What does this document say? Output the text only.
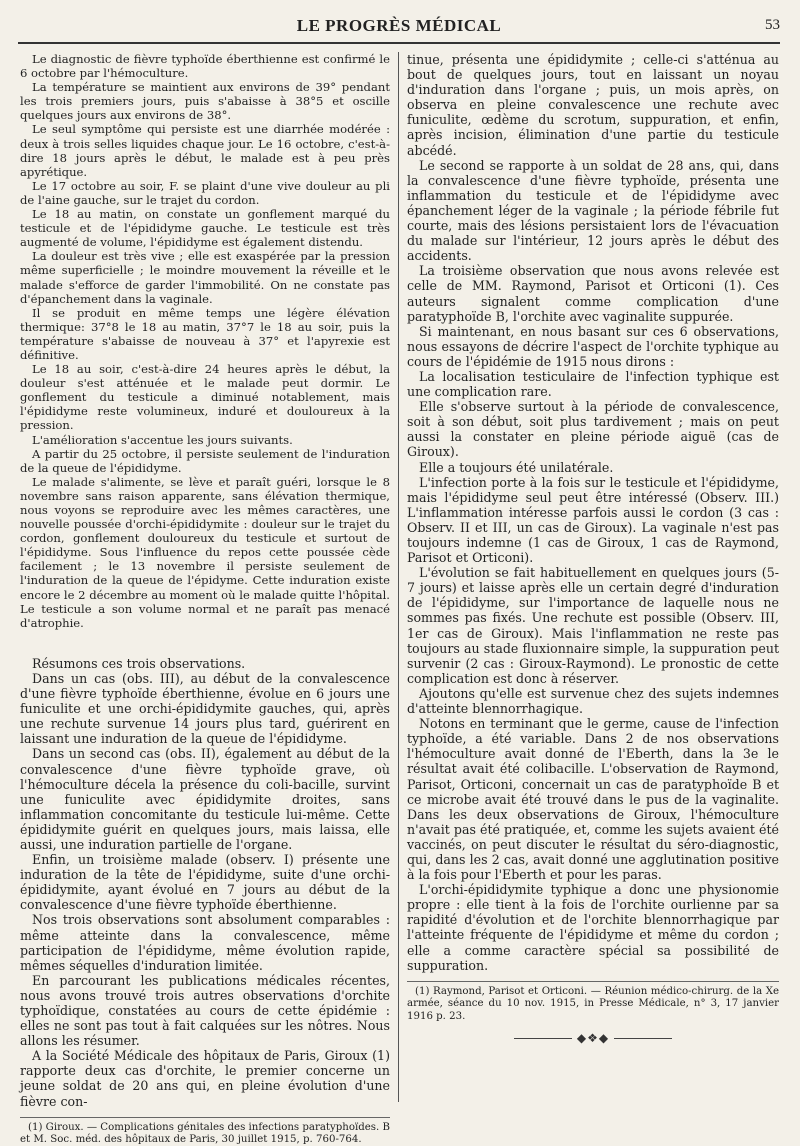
LE PROGRÈS MÉDICAL	53

Le diagnostic de fièvre typhoïde éberthienne est confirmé le 6 octobre par l'hémoculture.

La température se maintient aux environs de 39° pendant les trois premiers jours, puis s'abaisse à 38°5 et oscille quelques jours aux environs de 38°.

Le seul symptôme qui persiste est une diarrhée modérée : deux à trois selles liquides chaque jour. Le 16 octobre, c'est-à-dire 18 jours après le début, le malade est à peu près apyrétique.

Le 17 octobre au soir, F. se plaint d'une vive douleur au pli de l'aine gauche, sur le trajet du cordon.

Le 18 au matin, on constate un gonflement marqué du testicule et de l'épididyme gauche. Le testicule est très augmenté de volume, l'épididyme est également distendu.

La douleur est très vive ; elle est exaspérée par la pression même superficielle ; le moindre mouvement la réveille et le malade s'efforce de garder l'immobilité. On ne constate pas d'épanchement dans la vaginale.

Il se produit en même temps une légère élévation thermique: 37°8 le 18 au matin, 37°7 le 18 au soir, puis la température s'abaisse de nouveau à 37° et l'apyrexie est définitive.

Le 18 au soir, c'est-à-dire 24 heures après le début, la douleur s'est atténuée et le malade peut dormir. Le gonflement du testicule a diminué notablement, mais l'épididyme reste volumineux, induré et douloureux à la pression.

L'amélioration s'accentue les jours suivants.

A partir du 25 octobre, il persiste seulement de l'induration de la queue de l'épididyme.

Le malade s'alimente, se lève et paraît guéri, lorsque le 8 novembre sans raison apparente, sans élévation thermique, nous voyons se reproduire avec les mêmes caractères, une nouvelle poussée d'orchi-épididymite : douleur sur le trajet du cordon, gonflement douloureux du testicule et surtout de l'épididyme. Sous l'influence du repos cette poussée cède facilement ; le 13 novembre il persiste seulement de l'induration de la queue de l'épidyme. Cette induration existe encore le 2 décembre au moment où le malade quitte l'hôpital. Le testicule a son volume normal et ne paraît pas menacé d'atrophie.

Résumons ces trois observations.

Dans un cas (obs. III), au début de la convalescence d'une fièvre typhoïde éberthienne, évolue en 6 jours une funiculite et une orchi-épididymite gauches, qui, après une rechute survenue 14 jours plus tard, guérirent en laissant une induration de la queue de l'épididyme.

Dans un second cas (obs. II), également au début de la convalescence d'une fièvre typhoïde grave, où l'hémoculture décela la présence du coli-bacille, survint une funiculite avec épididymite droites, sans inflammation concomitante du testicule lui-même. Cette épididymite guérit en quelques jours, mais laissa, elle aussi, une induration partielle de l'organe.

Enfin, un troisième malade (observ. I) présente une induration de la tête de l'épididyme, suite d'une orchi-épididymite, ayant évolué en 7 jours au début de la convalescence d'une fièvre typhoïde éberthienne.

Nos trois observations sont absolument comparables : même atteinte dans la convalescence, même participation de l'épididyme, même évolution rapide, mêmes séquelles d'induration limitée.

En parcourant les publications médicales récentes, nous avons trouvé trois autres observations d'orchite typhoïdique, constatées au cours de cette épidémie : elles ne sont pas tout à fait calquées sur les nôtres. Nous allons les résumer.

A la Société Médicale des hôpitaux de Paris, Giroux (1) rapporte deux cas d'orchite, le premier concerne un jeune soldat de 20 ans qui, en pleine évolution d'une fièvre con-

(1) Giroux. — Complications génitales des infections paratyphoïdes. B et M. Soc. méd. des hôpitaux de Paris, 30 juillet 1915, p. 760-764.

tinue, présenta une épididymite ; celle-ci s'atténua au bout de quelques jours, tout en laissant un noyau d'induration dans l'organe ; puis, un mois après, on observa en pleine convalescence une rechute avec funiculite, œdème du scrotum, suppuration, et enfin, après incision, élimination d'une partie du testicule abcédé.

Le second se rapporte à un soldat de 28 ans, qui, dans la convalescence d'une fièvre typhoïde, présenta une inflammation du testicule et de l'épididyme avec épanchement léger de la vaginale ; la période fébrile fut courte, mais des lésions persistaient lors de l'évacuation du malade sur l'intérieur, 12 jours après le début des accidents.

La troisième observation que nous avons relevée est celle de MM. Raymond, Parisot et Orticoni (1). Ces auteurs signalent comme complication d'une paratyphoïde B, l'orchite avec vaginalite suppurée.

Si maintenant, en nous basant sur ces 6 observations, nous essayons de décrire l'aspect de l'orchite typhique au cours de l'épidémie de 1915 nous dirons :

La localisation testiculaire de l'infection typhique est une complication rare.

Elle s'observe surtout à la période de convalescence, soit à son début, soit plus tardivement ; mais on peut aussi la constater en pleine période aiguë (cas de Giroux).

Elle a toujours été unilatérale.

L'infection porte à la fois sur le testicule et l'épididyme, mais l'épididyme seul peut être intéressé (Observ. III.) L'inflammation intéresse parfois aussi le cordon (3 cas : Observ. II et III, un cas de Giroux). La vaginale n'est pas toujours indemne (1 cas de Giroux, 1 cas de Raymond, Parisot et Orticoni).

L'évolution se fait habituellement en quelques jours (5-7 jours) et laisse après elle un certain degré d'induration de l'épididyme, sur l'importance de laquelle nous ne sommes pas fixés. Une rechute est possible (Observ. III, 1er cas de Giroux). Mais l'inflammation ne reste pas toujours au stade fluxionnaire simple, la suppuration peut survenir (2 cas : Giroux-Raymond). Le pronostic de cette complication est donc à réserver.

Ajoutons qu'elle est survenue chez des sujets indemnes d'atteinte blennorrhagique.

Notons en terminant que le germe, cause de l'infection typhoïde, a été variable. Dans 2 de nos observations l'hémoculture avait donné de l'Eberth, dans la 3e le résultat avait été colibacille. L'observation de Raymond, Parisot, Orticoni, concernait un cas de paratyphoïde B et ce microbe avait été trouvé dans le pus de la vaginalite. Dans les deux observations de Giroux, l'hémoculture n'avait pas été pratiquée, et, comme les sujets avaient été vaccinés, on peut discuter le résultat du séro-diagnostic, qui, dans les 2 cas, avait donné une agglutination positive à la fois pour l'Eberth et pour les paras.

L'orchi-épididymite typhique a donc une physionomie propre : elle tient à la fois de l'orchite ourlienne par sa rapidité d'évolution et de l'orchite blennorrhagique par l'atteinte fréquente de l'épididyme et même du cordon ; elle a comme caractère spécial sa possibilité de suppuration.

(1) Raymond, Parisot et Orticoni. — Réunion médico-chirurg. de la Xe armée, séance du 10 nov. 1915, in Presse Médicale, n° 3, 17 janvier 1916 p. 23.

◆❖◆
